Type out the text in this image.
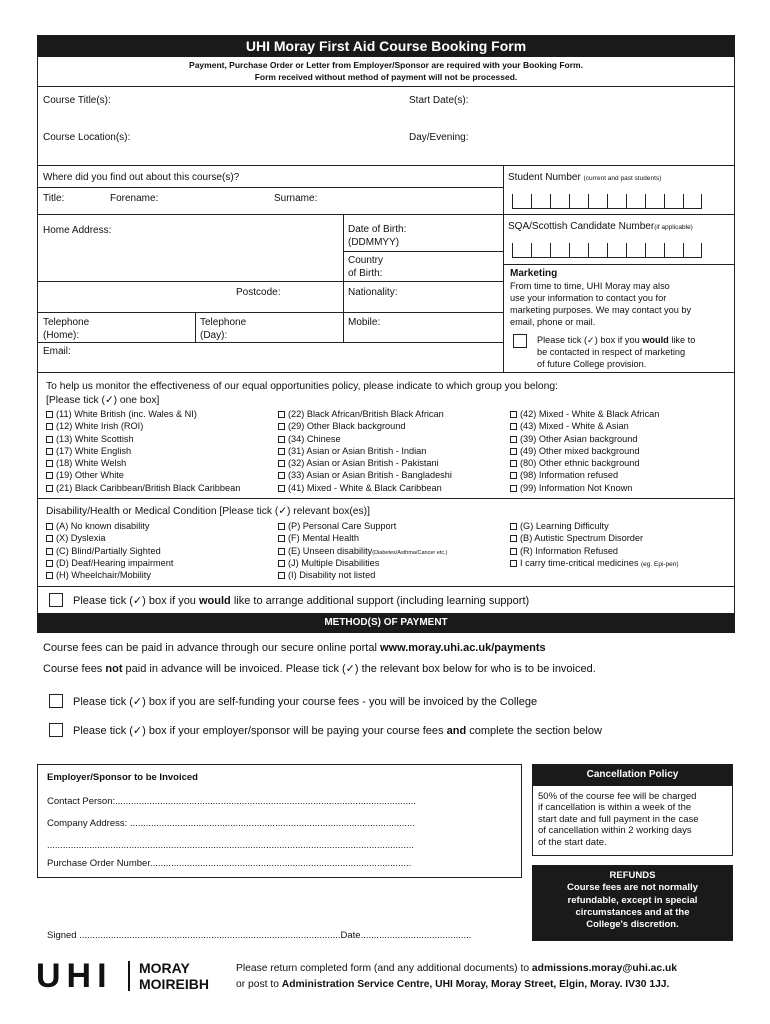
UHI Moray First Aid Course Booking Form
Payment, Purchase Order or Letter from Employer/Sponsor are required with your Booking Form.
Form received without method of payment will not be processed.
Course Title(s):	Start Date(s):
Course Location(s):	Day/Evening:
Where did you find out about this course(s)?
Title:	Forename:	Surname:
Home Address:	Date of Birth:
(DDMMYY)
Country
of Birth:
Postcode:	Nationality:
Telephone
(Home):
Telephone
(Day):
Mobile:
Email:
Student Number (current and past students)
SQA/Scottish Candidate Number(if applicable)
Marketing
From time to time, UHI Moray may also
use your information to contact you for
marketing purposes. We may contact you by
email, phone or mail.
Please tick (✓) box if you would like to
be contacted in respect of marketing
of future College provision.
To help us monitor the effectiveness of our equal opportunities policy, please indicate to which group you belong:
[Please tick (✓) one box]
(11) White British (inc. Wales & NI)
(12) White Irish (ROI)
(13) White Scottish
(17) White English
(18) White Welsh
(19) Other White
(21) Black Caribbean/British Black Caribbean
(22) Black African/British Black African
(29) Other Black background
(34) Chinese
(31) Asian or Asian British - Indian
(32) Asian or Asian British - Pakistani
(33) Asian or Asian British - Bangladeshi
(41) Mixed - White & Black Caribbean
(42) Mixed - White & Black African
(43) Mixed - White & Asian
(39) Other Asian background
(49) Other mixed background
(80) Other ethnic background
(98) Information refused
(99) Information Not Known
Disability/Health or Medical Condition [Please tick (✓) relevant box(es)]
(A) No known disability
(X) Dyslexia
(C) Blind/Partially Sighted
(D) Deaf/Hearing impairment
(H) Wheelchair/Mobility
(P) Personal Care Support
(F) Mental Health
(E) Unseen disability(Diabetes/Asthma/Cancer etc.)
(J) Multiple Disabilities
(I) Disability not listed
(G) Learning Difficulty
(B) Autistic Spectrum Disorder
(R) Information Refused
I carry time-critical medicines (eg. Epi-pen)
Please tick (✓) box if you would like to arrange additional support (including learning support)
METHOD(S) OF PAYMENT
Course fees can be paid in advance through our secure online portal www.moray.uhi.ac.uk/payments
Course fees not paid in advance will be invoiced. Please tick (✓) the relevant box below for who is to be invoiced.
Please tick (✓) box if you are self-funding your course fees - you will be invoiced by the College
Please tick (✓) box if your employer/sponsor will be paying your course fees and complete the section below
Employer/Sponsor to be Invoiced
Contact Person:..................................................................................................................
Company Address: ............................................................................................................
...........................................................................................................................................
Purchase Order Number...................................................................................................
Signed ...................................................................................................Date..........................................
Cancellation Policy
50% of the course fee will be charged
if cancellation is within a week of the
start date and full payment in the case
of cancellation within 2 working days
of the start date.
REFUNDS
Course fees are not normally
refundable, except in special
circumstances and at the
College's discretion.
UHI MORAY
MOIREIBH
Please return completed form (and any additional documents) to admissions.moray@uhi.ac.uk
or post to Administration Service Centre, UHI Moray, Moray Street, Elgin, Moray. IV30 1JJ.
